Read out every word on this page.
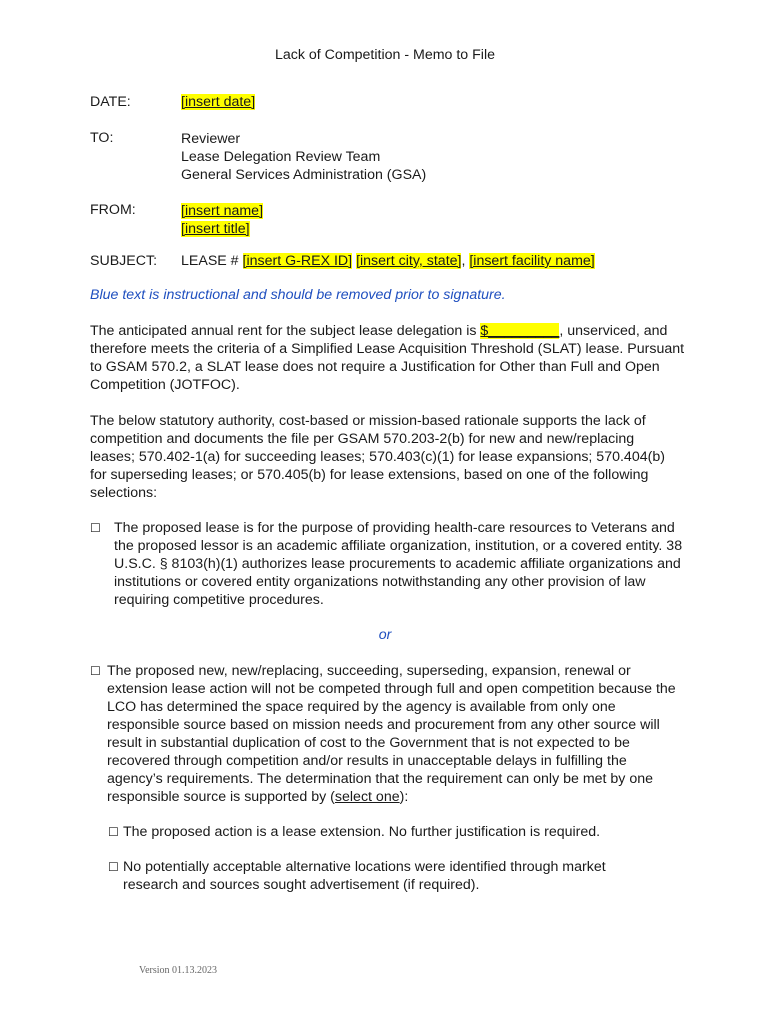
Lack of Competition - Memo to File
DATE:	[insert date]
TO:	Reviewer
Lease Delegation Review Team
General Services Administration (GSA)
FROM:	[insert name]
[insert title]
SUBJECT: LEASE # [insert G-REX ID] [insert city, state], [insert facility name]
Blue text is instructional and should be removed prior to signature.
The anticipated annual rent for the subject lease delegation is $_________, unserviced, and therefore meets the criteria of a Simplified Lease Acquisition Threshold (SLAT) lease. Pursuant to GSAM 570.2, a SLAT lease does not require a Justification for Other than Full and Open Competition (JOTFOC).
The below statutory authority, cost-based or mission-based rationale supports the lack of competition and documents the file per GSAM 570.203-2(b) for new and new/replacing leases; 570.402-1(a) for succeeding leases; 570.403(c)(1) for lease expansions; 570.404(b) for superseding leases; or 570.405(b) for lease extensions, based on one of the following selections:
☐ The proposed lease is for the purpose of providing health-care resources to Veterans and the proposed lessor is an academic affiliate organization, institution, or a covered entity. 38 U.S.C. § 8103(h)(1) authorizes lease procurements to academic affiliate organizations and institutions or covered entity organizations notwithstanding any other provision of law requiring competitive procedures.
or
☐ The proposed new, new/replacing, succeeding, superseding, expansion, renewal or extension lease action will not be competed through full and open competition because the LCO has determined the space required by the agency is available from only one responsible source based on mission needs and procurement from any other source will result in substantial duplication of cost to the Government that is not expected to be recovered through competition and/or results in unacceptable delays in fulfilling the agency’s requirements. The determination that the requirement can only be met by one responsible source is supported by (select one):
☐ The proposed action is a lease extension. No further justification is required.
☐ No potentially acceptable alternative locations were identified through market research and sources sought advertisement (if required).
Version 01.13.2023
